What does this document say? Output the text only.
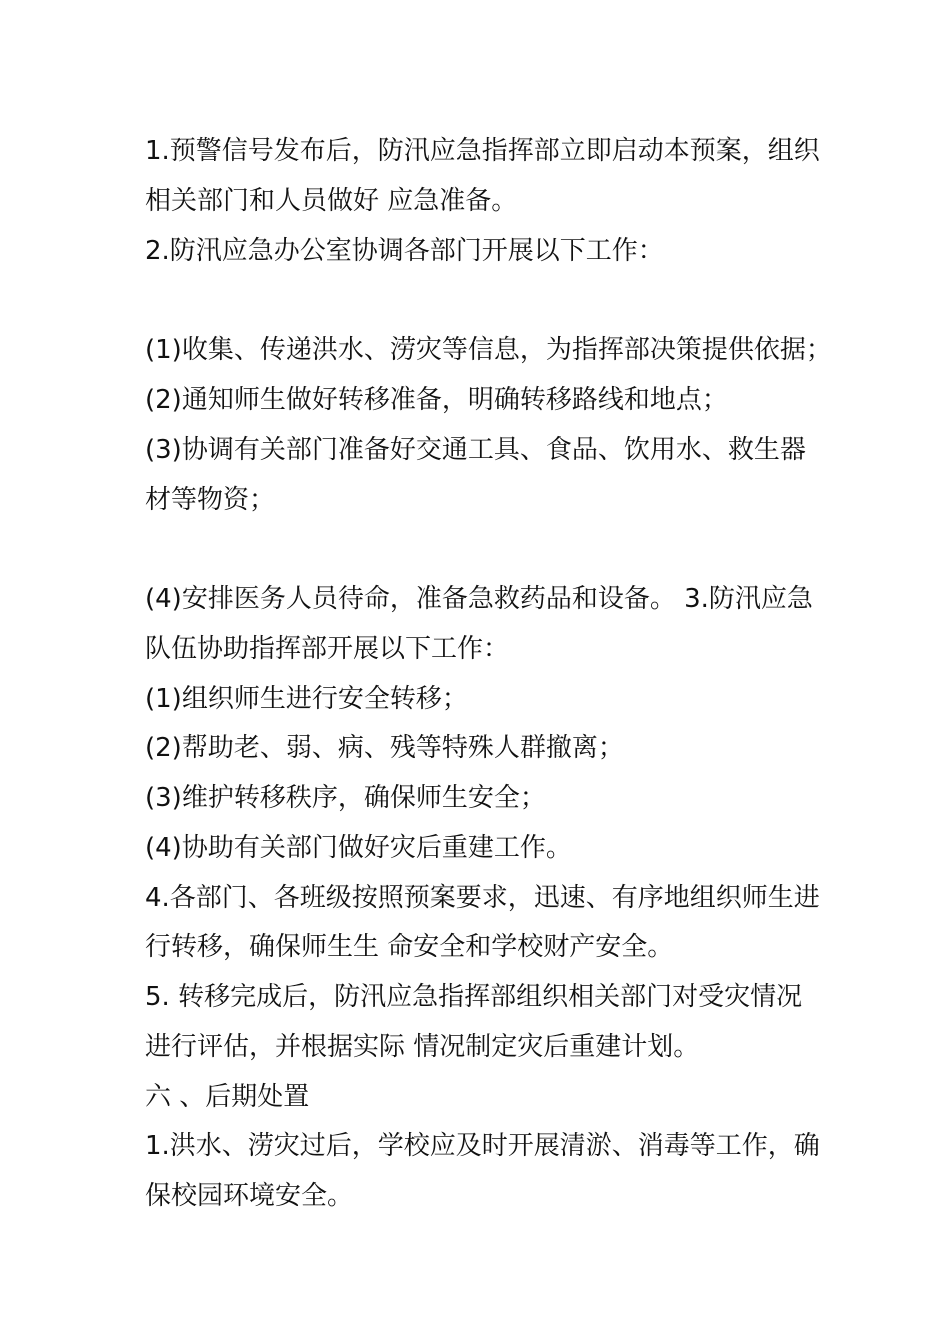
1.预警信号发布后，防汛应急指挥部立即启动本预案，组织
相关部门和人员做好 应急准备。
2.防汛应急办公室协调各部门开展以下工作：
(1)收集、传递洪水、涝灾等信息，为指挥部决策提供依据；
(2)通知师生做好转移准备，明确转移路线和地点；
(3)协调有关部门准备好交通工具、食品、饮用水、救生器
材等物资；
(4)安排医务人员待命，准备急救药品和设备。 3.防汛应急
队伍协助指挥部开展以下工作：
(1)组织师生进行安全转移；
(2)帮助老、弱、病、残等特殊人群撤离；
(3)维护转移秩序，确保师生安全；
(4)协助有关部门做好灾后重建工作。
4.各部门、各班级按照预案要求，迅速、有序地组织师生进
行转移，确保师生生 命安全和学校财产安全。
5. 转移完成后，防汛应急指挥部组织相关部门对受灾情况
进行评估，并根据实际 情况制定灾后重建计划。
六 、后期处置
1.洪水、涝灾过后，学校应及时开展清淤、消毒等工作，确
保校园环境安全。
